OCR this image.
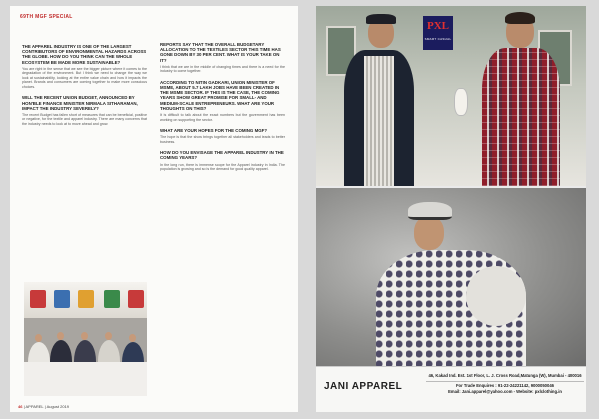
69TH MGF SPECIAL
THE APPAREL INDUSTRY IS ONE OF THE LARGEST CONTRIBUTORS OF ENVIRONMENTAL HAZARDS ACROSS THE GLOBE. HOW DO YOU THINK CAN THE WHOLE ECOSYSTEM BE MADE MORE SUSTAINABLE?
You are right in the sense that we see the bigger picture where it comes to the degradation of the environment. But I think we need to change the way we look at sustainability, looking at the entire value chain and how it impacts the planet. Brands and consumers are coming together to make more conscious choices.
WILL THE RECENT UNION BUDGET, ANNOUNCED BY HON'BLE FINANCE MINISTER NIRMALA SITHARAMAN, IMPACT THE INDUSTRY SEVERELY?
The recent Budget has fallen short of measures that can be beneficial, positive or negative, for the textile and apparel industry. There are many concerns that the industry needs to look at to move ahead and grow.
REPORTS SAY THAT THE OVERALL BUDGETARY ALLOCATION TO THE TEXTILES SECTOR THIS TIME HAS GONE DOWN BY 30 PER CENT. WHAT IS YOUR TAKE ON IT?
I think that we are in the middle of changing times and there is a need for the industry to come together.
ACCORDING TO NITIN GADKARI, UNION MINISTER OF MSME, ABOUT 5.7 LAKH JOBS HAVE BEEN CREATED IN THE MSME SECTOR. IF THIS IS THE CASE, THE COMING YEARS SHOW GREAT PROMISE FOR SMALL- AND MEDIUM-SCALE ENTREPRENEURS. WHAT ARE YOUR THOUGHTS ON THIS?
It is difficult to talk about the exact numbers but the government has been working on supporting the sector.
WHAT ARE YOUR HOPES FOR THE COMING MGF?
The hope is that the show brings together all stakeholders and leads to better business.
HOW DO YOU ENVISAGE THE APPAREL INDUSTRY IN THE COMING YEARS?
In the long run, there is immense scope for the Apparel industry in India. The population is growing and so is the demand for good quality apparel.
46 | APPAREL | August 2019
PXL
SMART CASUAL
JANI APPAREL
46, Kakad Ind. Est. 1st Floor, L. J. Cross Road,Matunga (W), Mumbai - 400016
For Trade Enquires : 91-22-24221142, 9000050046
Email: Jani.apparel@yahoo.com - Website: pxlclothing.in
